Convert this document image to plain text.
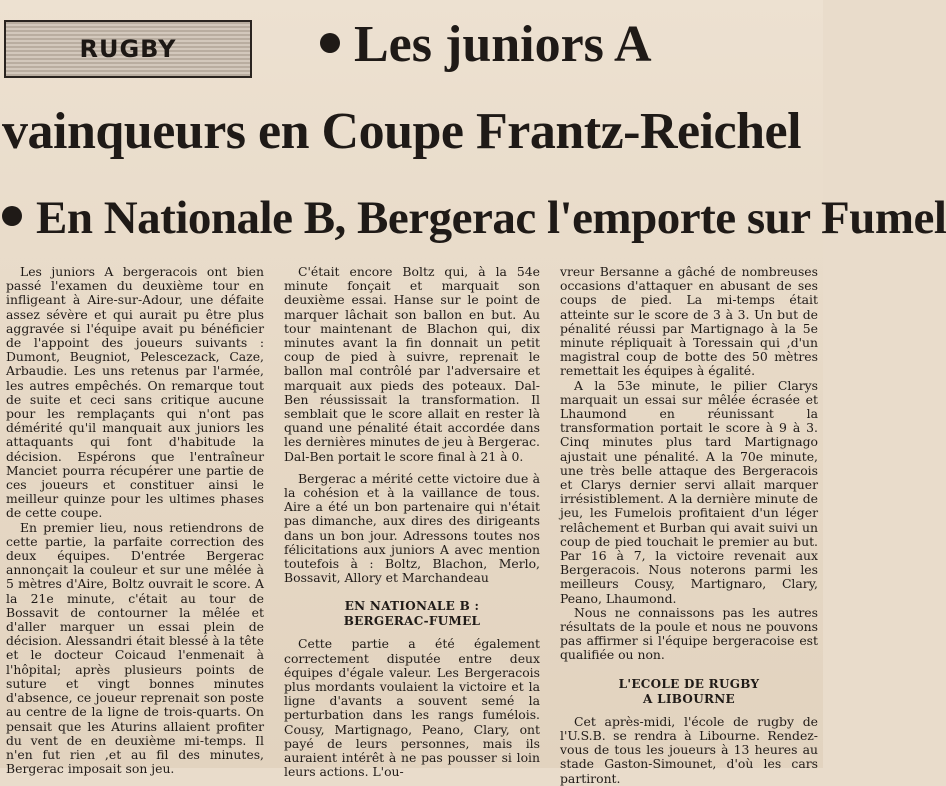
RUGBY	Les juniors A
vainqueurs en Coupe Frantz-Reichel
En Nationale B, Bergerac l'emporte sur Fumel

Les juniors A bergeracois ont bien passé l'examen du deuxième tour en infligeant à Aire-sur-Adour, une défaite assez sévère et qui aurait pu être plus aggravée si l'équipe avait pu bénéficier de l'appoint des joueurs suivants : Dumont, Beugniot, Pelescezack, Caze, Arbaudie. Les uns retenus par l'armée, les autres empêchés. On remarque tout de suite et ceci sans critique aucune pour les remplaçants qui n'ont pas démérité qu'il manquait aux juniors les attaquants qui font d'habitude la décision. Espérons que l'entraîneur Manciet pourra récupérer une partie de ces joueurs et constituer ainsi le meilleur quinze pour les ultimes phases de cette coupe.

En premier lieu, nous retiendrons de cette partie, la parfaite correction des deux équipes. D'entrée Bergerac annonçait la couleur et sur une mêlée à 5 mètres d'Aire, Boltz ouvrait le score. A la 21e minute, c'était au tour de Bossavit de contourner la mêlée et d'aller marquer un essai plein de décision. Alessandri était blessé à la tête et le docteur Coicaud l'enmenait à l'hôpital; après plusieurs points de suture et vingt bonnes minutes d'absence, ce joueur reprenait son poste au centre de la ligne de trois-quarts. On pensait que les Aturins allaient profiter du vent de en deuxième mi-temps. Il n'en fut rien ,et au fil des minutes, Bergerac imposait son jeu.

C'était encore Boltz qui, à la 54e minute fonçait et marquait son deuxième essai. Hanse sur le point de marquer lâchait son ballon en but. Au tour maintenant de Blachon qui, dix minutes avant la fin donnait un petit coup de pied à suivre, reprenait le ballon mal contrôlé par l'adversaire et marquait aux pieds des poteaux. Dal-Ben réussissait la transformation. Il semblait que le score allait en rester là quand une pénalité était accordée dans les dernières minutes de jeu à Bergerac. Dal-Ben portait le score final à 21 à 0.

Bergerac a mérité cette victoire due à la cohésion et à la vaillance de tous. Aire a été un bon partenaire qui n'était pas dimanche, aux dires des dirigeants dans un bon jour. Adressons toutes nos félicitations aux juniors A avec mention toutefois à : Boltz, Blachon, Merlo, Bossavit, Allory et Marchandeau

EN NATIONALE B :
BERGERAC-FUMEL

Cette partie a été également correctement disputée entre deux équipes d'égale valeur. Les Bergeracois plus mordants voulaient la victoire et la ligne d'avants a souvent semé la perturbation dans les rangs fumélois. Cousy, Martignago, Peano, Clary, ont payé de leurs personnes, mais ils auraient intérêt à ne pas pousser si loin leurs actions. L'ou-

vreur Bersanne a gâché de nombreuses occasions d'attaquer en abusant de ses coups de pied. La mi-temps était atteinte sur le score de 3 à 3. Un but de pénalité réussi par Martignago à la 5e minute répliquait à Toressain qui ,d'un magistral coup de botte des 50 mètres remettait les équipes à égalité.

A la 53e minute, le pilier Clarys marquait un essai sur mêlée écrasée et Lhaumond en réunissant la transformation portait le score à 9 à 3. Cinq minutes plus tard Martignago ajustait une pénalité. A la 70e minute, une très belle attaque des Bergeracois et Clarys dernier servi allait marquer irrésistiblement. A la dernière minute de jeu, les Fumelois profitaient d'un léger relâchement et Burban qui avait suivi un coup de pied touchait le premier au but. Par 16 à 7, la victoire revenait aux Bergeracois. Nous noterons parmi les meilleurs Cousy, Martignaro, Clary, Peano, Lhaumond.

Nous ne connaissons pas les autres résultats de la poule et nous ne pouvons pas affirmer si l'équipe bergeracoise est qualifiée ou non.

L'ECOLE DE RUGBY
A LIBOURNE

Cet après-midi, l'école de rugby de l'U.S.B. se rendra à Libourne. Rendez-vous de tous les joueurs à 13 heures au stade Gaston-Simounet, d'où les cars partiront.
